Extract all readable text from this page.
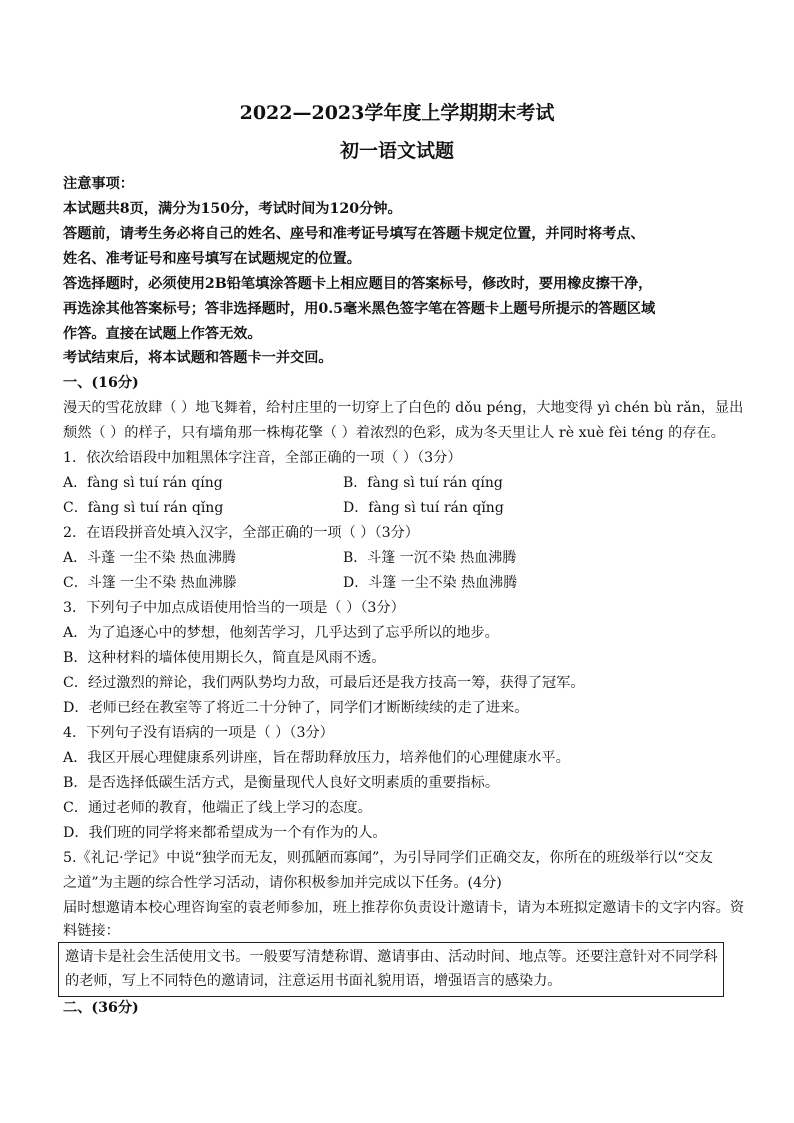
2022—2023学年度上学期期末考试
初一语文试题
注意事项：
本试题共8页，满分为150分，考试时间为120分钟。
答题前，请考生务必将自己的姓名、座号和准考证号填写在答题卡规定位置，并同时将考点、
姓名、准考证号和座号填写在试题规定的位置。
答选择题时，必须使用2B铅笔填涂答题卡上相应题目的答案标号，修改时，要用橡皮擦干净，
再选涂其他答案标号；答非选择题时，用0.5毫米黑色签字笔在答题卡上题号所提示的答题区域
作答。直接在试题上作答无效。
考试结束后，将本试题和答题卡一并交回。
一、(16分)
漫天的雪花放肆（ ）地飞舞着，给村庄里的一切穿上了白色的 dǒu péng，大地变得 yì chén bù rǎn，显出
颓然（ ）的样子，只有墙角那一株梅花擎（ ）着浓烈的色彩，成为冬天里让人 rè xuè fèi téng 的存在。
1．依次给语段中加粗黑体字注音，全部正确的一项（ ）（3分）
A．fàng sì tuí rán qíng	B．fàng sì tuí rán qíng
C．fàng sì tuí rán qǐng	D．fàng sì tuí rán qǐng
2．在语段拼音处填入汉字，全部正确的一项（ ）（3分）
A．斗蓬 一尘不染 热血沸腾	B．斗篷 一沉不染 热血沸腾
C．斗篷 一尘不染 热血沸滕	D．斗篷 一尘不染 热血沸腾
3．下列句子中加点成语使用恰当的一项是（ ）（3分）
A．为了追逐心中的梦想，他刻苦学习，几乎达到了忘乎所以的地步。
B．这种材料的墙体使用期长久，简直是风雨不透。
C．经过激烈的辩论，我们两队势均力敌，可最后还是我方技高一筹，获得了冠军。
D．老师已经在教室等了将近二十分钟了，同学们才断断续续的走了进来。
4．下列句子没有语病的一项是（ ）（3分）
A．我区开展心理健康系列讲座，旨在帮助释放压力，培养他们的心理健康水平。
B．是否选择低碳生活方式，是衡量现代人良好文明素质的重要指标。
C．通过老师的教育，他端正了线上学习的态度。
D．我们班的同学将来都希望成为一个有作为的人。
5.《礼记·学记》中说“独学而无友，则孤陋而寡闻”，为引导同学们正确交友，你所在的班级举行以“交友
之道”为主题的综合性学习活动，请你积极参加并完成以下任务。(4分)
届时想邀请本校心理咨询室的袁老师参加，班上推荐你负责设计邀请卡，请为本班拟定邀请卡的文字内容。资
料链接：
邀请卡是社会生活使用文书。一般要写清楚称谓、邀请事由、活动时间、地点等。还要注意针对不同学科
的老师，写上不同特色的邀请词，注意运用书面礼貌用语，增强语言的感染力。
二、(36分)
